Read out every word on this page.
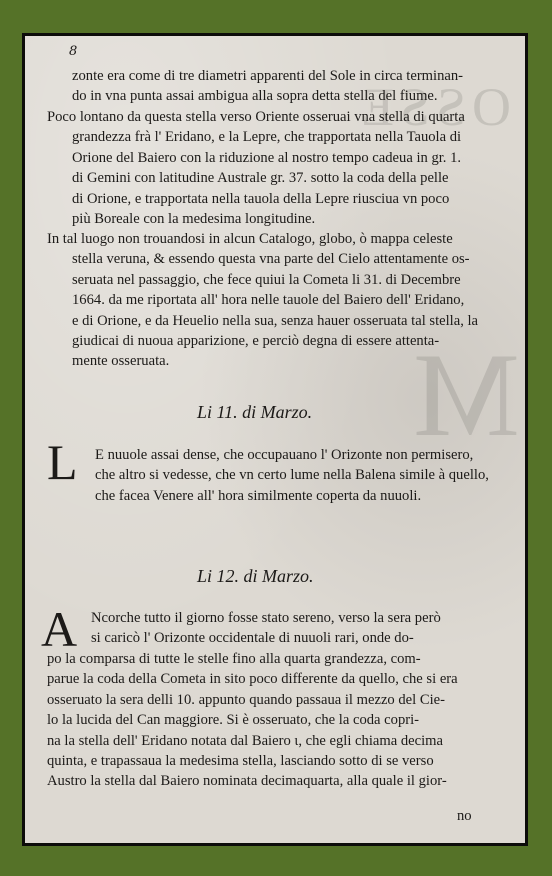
OSSE
M
8
zonte era come di tre diametri apparenti del Sole in circa terminan-
do in vna punta assai ambigua alla sopra detta stella del fiume.
Poco lontano da questa stella verso Oriente osseruai vna stella di quarta
grandezza frà l' Eridano, e la Lepre, che trapportata nella Tauola di
Orione del Baiero con la riduzione al nostro tempo cadeua in gr. 1.
di Gemini con latitudine Australe gr. 37. sotto la coda della pelle
di Orione, e trapportata nella tauola della Lepre riusciua vn poco
più Boreale con la medesima longitudine.
In tal luogo non trouandosi in alcun Catalogo, globo, ò mappa celeste
stella veruna, & essendo questa vna parte del Cielo attentamente os-
seruata nel passaggio, che fece quiui la Cometa li 31. di Decembre
1664. da me riportata all' hora nelle tauole del Baiero dell' Eridano,
e di Orione, e da Heuelio nella sua, senza hauer osseruata tal stella, la
giudicai di nuoua apparizione, e perciò degna di essere attenta-
mente osseruata.
Li 11. di Marzo.
L E nuuole assai dense, che occupauano l' Orizonte non permisero,
che altro si vedesse, che vn certo lume nella Balena simile à quello,
che facea Venere all' hora similmente coperta da nuuoli.
Li 12. di Marzo.
A Ncorche tutto il giorno fosse stato sereno, verso la sera però
si caricò l' Orizonte occidentale di nuuoli rari, onde do-
po la comparsa di tutte le stelle fino alla quarta grandezza, com-
parue la coda della Cometa in sito poco differente da quello, che si era
osseruato la sera delli 10. appunto quando passaua il mezzo del Cie-
lo la lucida del Can maggiore. Si è osseruato, che la coda copri-
na la stella dell' Eridano notata dal Baiero ι, che egli chiama decima
quinta, e trapassaua la medesima stella, lasciando sotto di se verso
Austro la stella dal Baiero nominata decimaquarta, alla quale il gior-
no
